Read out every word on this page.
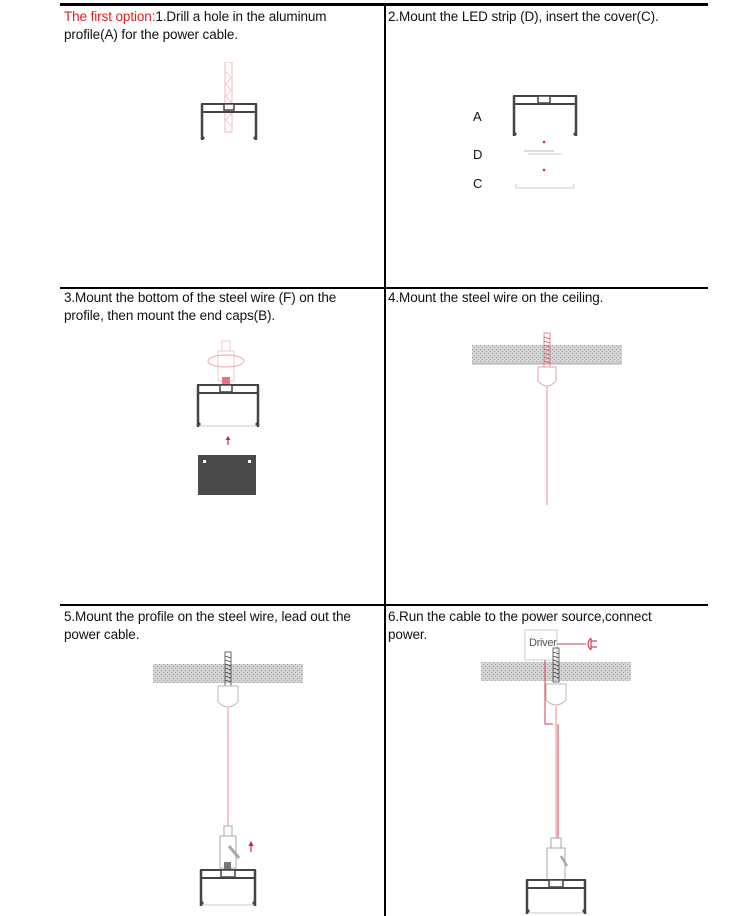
The first option:1.Drill a hole in the aluminum
profile(A) for the power cable.
2.Mount the LED strip (D), insert the cover(C).
A
D
C
3.Mount the bottom of the steel wire (F) on the
profile, then mount the end caps(B).
4.Mount the steel wire on the ceiling.
5.Mount the profile on the steel wire, lead out the
power cable.
6.Run the cable to the power source,connect
power.
Driver
